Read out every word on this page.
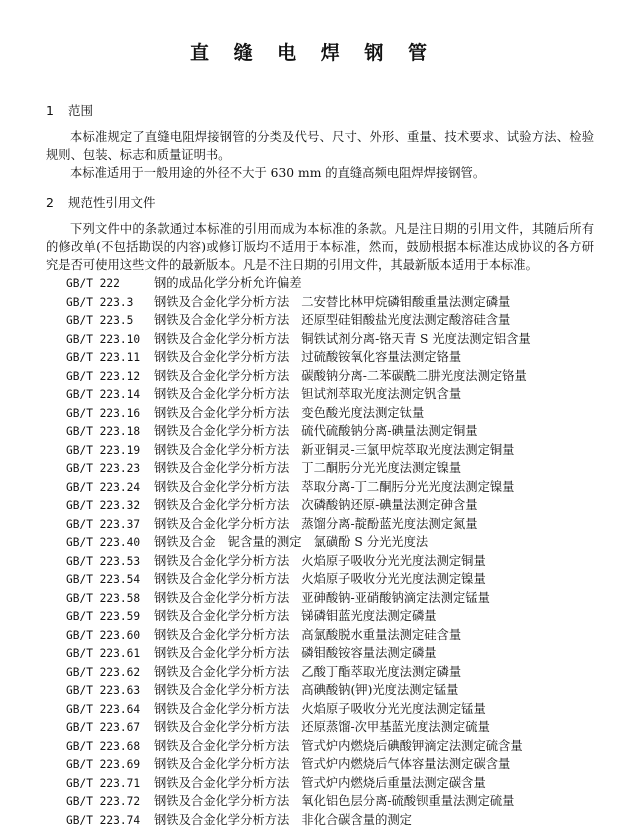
直 缝 电 焊 钢 管
1 范围
本标准规定了直缝电阻焊接钢管的分类及代号、尺寸、外形、重量、技术要求、试验方法、检验规则、包装、标志和质量证明书。
本标准适用于一般用途的外径不大于 630 mm 的直缝高频电阻焊焊接钢管。
2 规范性引用文件
下列文件中的条款通过本标准的引用而成为本标准的条款。凡是注日期的引用文件，其随后所有的修改单(不包括勘误的内容)或修订版均不适用于本标准，然而，鼓励根据本标准达成协议的各方研究是否可使用这些文件的最新版本。凡是不注日期的引用文件，其最新版本适用于本标准。
GB/T 222	钢的成品化学分析允许偏差
GB/T 223.3 钢铁及合金化学分析方法 二安替比林甲烷磷钼酸重量法测定磷量
GB/T 223.5 钢铁及合金化学分析方法 还原型硅钼酸盐光度法测定酸溶硅含量
GB/T 223.10 钢铁及合金化学分析方法 铜铁试剂分离-铬天青 S 光度法测定铝含量
GB/T 223.11 钢铁及合金化学分析方法 过硫酸铵氧化容量法测定铬量
GB/T 223.12 钢铁及合金化学分析方法 碳酸钠分离-二苯碳酰二肼光度法测定铬量
GB/T 223.14 钢铁及合金化学分析方法 钽试剂萃取光度法测定钒含量
GB/T 223.16 钢铁及合金化学分析方法 变色酸光度法测定钛量
GB/T 223.18 钢铁及合金化学分析方法 硫代硫酸钠分离-碘量法测定铜量
GB/T 223.19 钢铁及合金化学分析方法 新亚铜灵-三氯甲烷萃取光度法测定铜量
GB/T 223.23 钢铁及合金化学分析方法 丁二酮肟分光光度法测定镍量
GB/T 223.24 钢铁及合金化学分析方法 萃取分离-丁二酮肟分光光度法测定镍量
GB/T 223.32 钢铁及合金化学分析方法 次磷酸钠还原-碘量法测定砷含量
GB/T 223.37 钢铁及合金化学分析方法 蒸馏分离-靛酚蓝光度法测定氮量
GB/T 223.40 钢铁及合金　铌含量的测定 氯磺酚 S 分光光度法
GB/T 223.53 钢铁及合金化学分析方法 火焰原子吸收分光光度法测定铜量
GB/T 223.54 钢铁及合金化学分析方法 火焰原子吸收分光光度法测定镍量
GB/T 223.58 钢铁及合金化学分析方法 亚砷酸钠-亚硝酸钠滴定法测定锰量
GB/T 223.59 钢铁及合金化学分析方法 锑磷钼蓝光度法测定磷量
GB/T 223.60 钢铁及合金化学分析方法 高氯酸脱水重量法测定硅含量
GB/T 223.61 钢铁及合金化学分析方法 磷钼酸铵容量法测定磷量
GB/T 223.62 钢铁及合金化学分析方法 乙酸丁酯萃取光度法测定磷量
GB/T 223.63 钢铁及合金化学分析方法 高碘酸钠(钾)光度法测定锰量
GB/T 223.64 钢铁及合金化学分析方法 火焰原子吸收分光光度法测定锰量
GB/T 223.67 钢铁及合金化学分析方法 还原蒸馏-次甲基蓝光度法测定硫量
GB/T 223.68 钢铁及合金化学分析方法 管式炉内燃烧后碘酸钾滴定法测定硫含量
GB/T 223.69 钢铁及合金化学分析方法 管式炉内燃烧后气体容量法测定碳含量
GB/T 223.71 钢铁及合金化学分析方法 管式炉内燃烧后重量法测定碳含量
GB/T 223.72 钢铁及合金化学分析方法 氧化铝色层分离-硫酸钡重量法测定硫量
GB/T 223.74 钢铁及合金化学分析方法 非化合碳含量的测定
